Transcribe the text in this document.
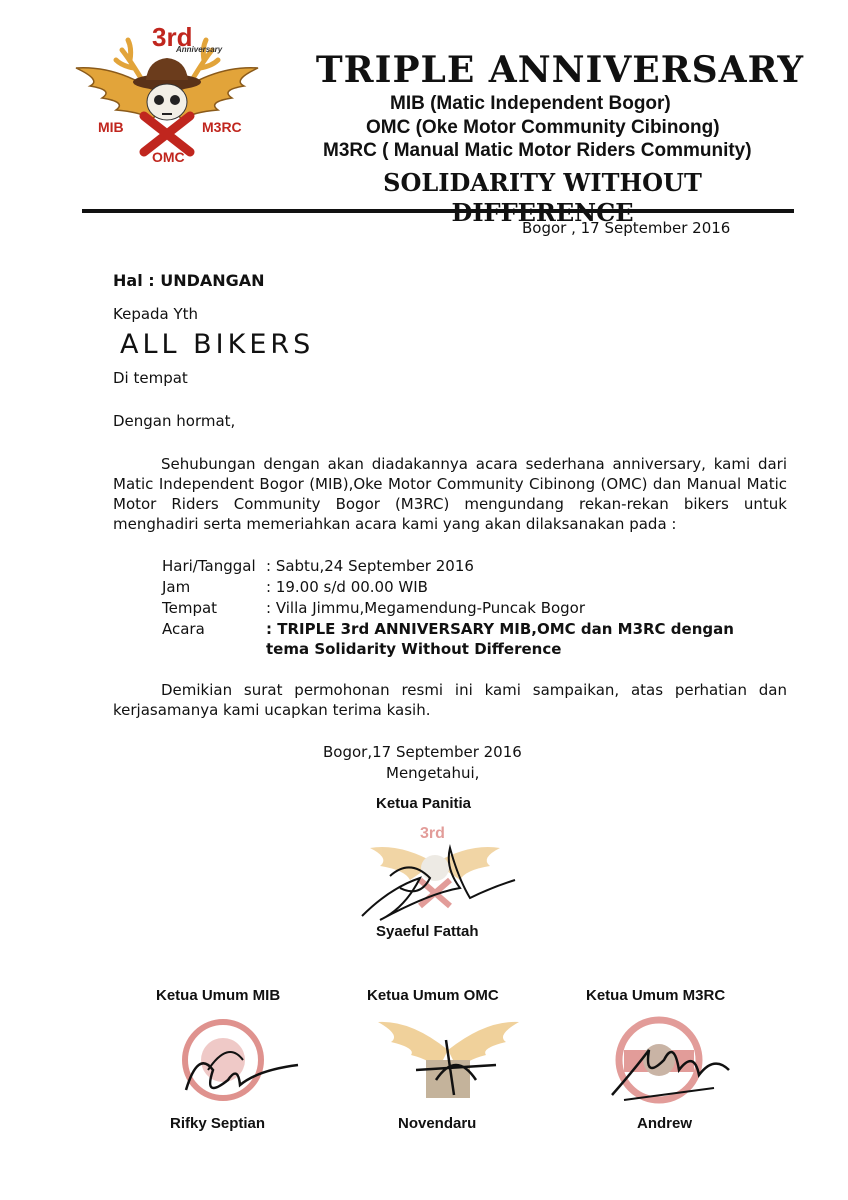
3rd
Anniversary
MIB	M3RC
OMC
TRIPLE ANNIVERSARY
MIB (Matic Independent Bogor)
OMC (Oke Motor Community Cibinong)
M3RC ( Manual Matic Motor Riders Community)
SOLIDARITY WITHOUT
Bogor , 17 September 2016
Hal : UNDANGAN
Kepada Yth
ALL BIKERS
Di tempat
Dengan hormat,
Sehubungan dengan akan diadakannya acara sederhana anniversary, kami dari Matic Independent Bogor (MIB),Oke Motor Community Cibinong (OMC) dan Manual Matic Motor Riders Community Bogor (M3RC) mengundang rekan-rekan bikers untuk menghadiri serta memeriahkan acara kami yang akan dilaksanakan pada :
Hari/Tanggal : Sabtu,24 September 2016
Jam	: 19.00 s/d 00.00 WIB
Tempat	: Villa Jimmu,Megamendung-Puncak Bogor
Acara	: TRIPLE 3rd ANNIVERSARY MIB,OMC dan M3RC dengan tema Solidarity Without Difference
Demikian surat permohonan resmi ini kami sampaikan, atas perhatian dan kerjasamanya kami ucapkan terima kasih.
Bogor,17 September 2016
Mengetahui,
Ketua Panitia
3rd
Syaeful Fattah
Ketua Umum MIB	Ketua Umum OMC	Ketua Umum M3RC
Rifky Septian	Novendaru	Andrew
